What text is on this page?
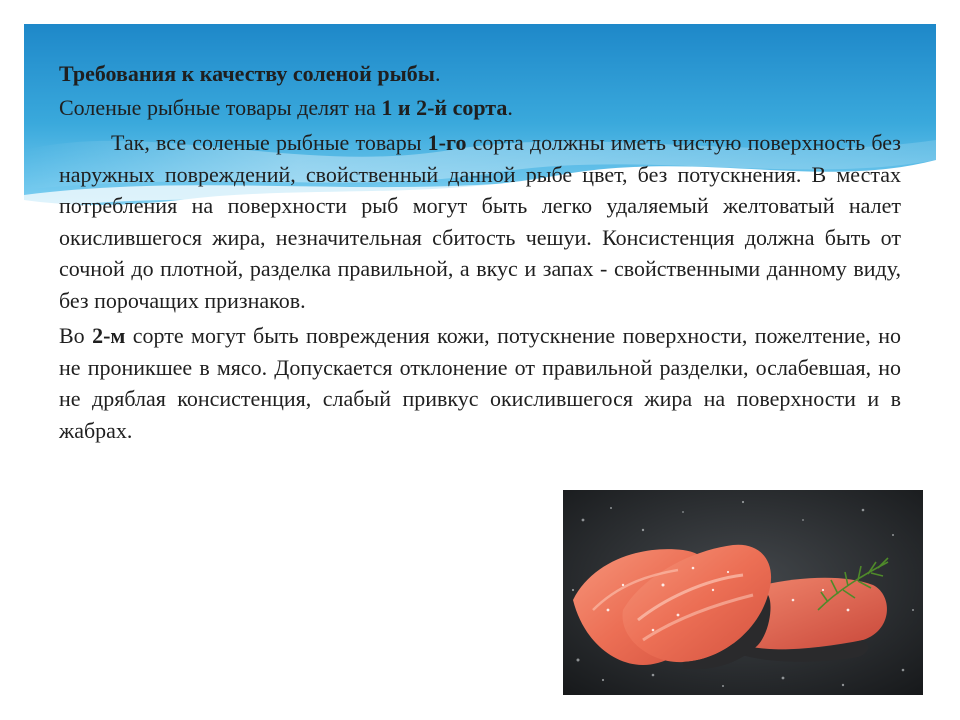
Требования к качеству соленой рыбы.

Соленые рыбные товары делят на 1 и 2-й сорта.

Так, все соленые рыбные товары 1-го сорта должны иметь чистую поверхность без наружных повреждений, свойственный данной рыбе цвет, без потускнения. В местах потребления на поверхности рыб могут быть легко удаляемый желтоватый налет окислившегося жира, незначительная сбитость чешуи. Консистенция должна быть от сочной до плотной, разделка правильной, а вкус и запах - свойственными данному виду, без порочащих признаков.

Во 2-м сорте могут быть повреждения кожи, потускнение поверхности, пожелтение, но не проникшее в мясо. Допускается отклонение от правильной разделки, ослабевшая, но не дряблая консистенция, слабый привкус окислившегося жира на поверхности и в жабрах.
